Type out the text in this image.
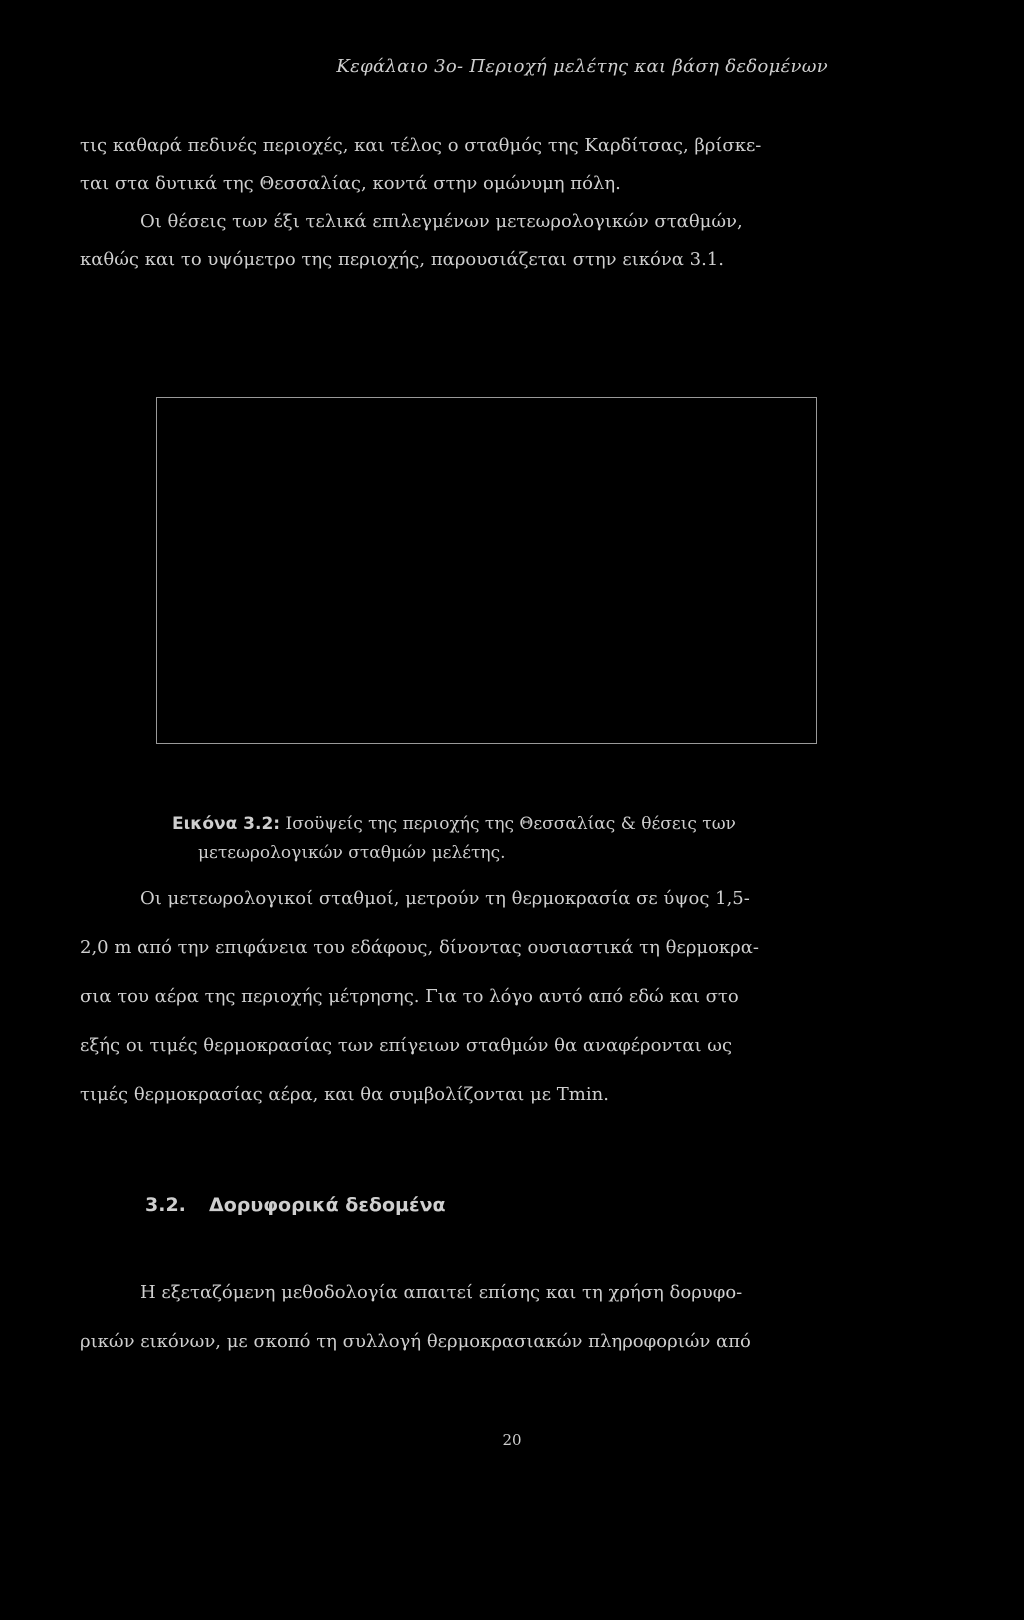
Κεφάλαιο 3ο- Περιοχή μελέτης και βάση δεδομένων
τις καθαρά πεδινές περιοχές, και τέλος ο σταθμός της Καρδίτσας, βρίσκε-
ται στα δυτικά της Θεσσαλίας, κοντά στην ομώνυμη πόλη.
Οι θέσεις των έξι τελικά επιλεγμένων μετεωρολογικών σταθμών,
καθώς και το υψόμετρο της περιοχής, παρουσιάζεται στην εικόνα 3.1.
Εικόνα 3.2: Ισοϋψείς της περιοχής της Θεσσαλίας & θέσεις των
μετεωρολογικών σταθμών μελέτης.
Οι μετεωρολογικοί σταθμοί, μετρούν τη θερμοκρασία σε ύψος 1,5-
2,0 m από την επιφάνεια του εδάφους, δίνοντας ουσιαστικά τη θερμοκρα-
σια του αέρα της περιοχής μέτρησης. Για το λόγο αυτό από εδώ και στο
εξής οι τιμές θερμοκρασίας των επίγειων σταθμών θα αναφέρονται ως
τιμές θερμοκρασίας αέρα, και θα συμβολίζονται με Tmin.
3.2. Δορυφορικά δεδομένα
Η εξεταζόμενη μεθοδολογία απαιτεί επίσης και τη χρήση δορυφο-
ρικών εικόνων, με σκοπό τη συλλογή θερμοκρασιακών πληροφοριών από
20
